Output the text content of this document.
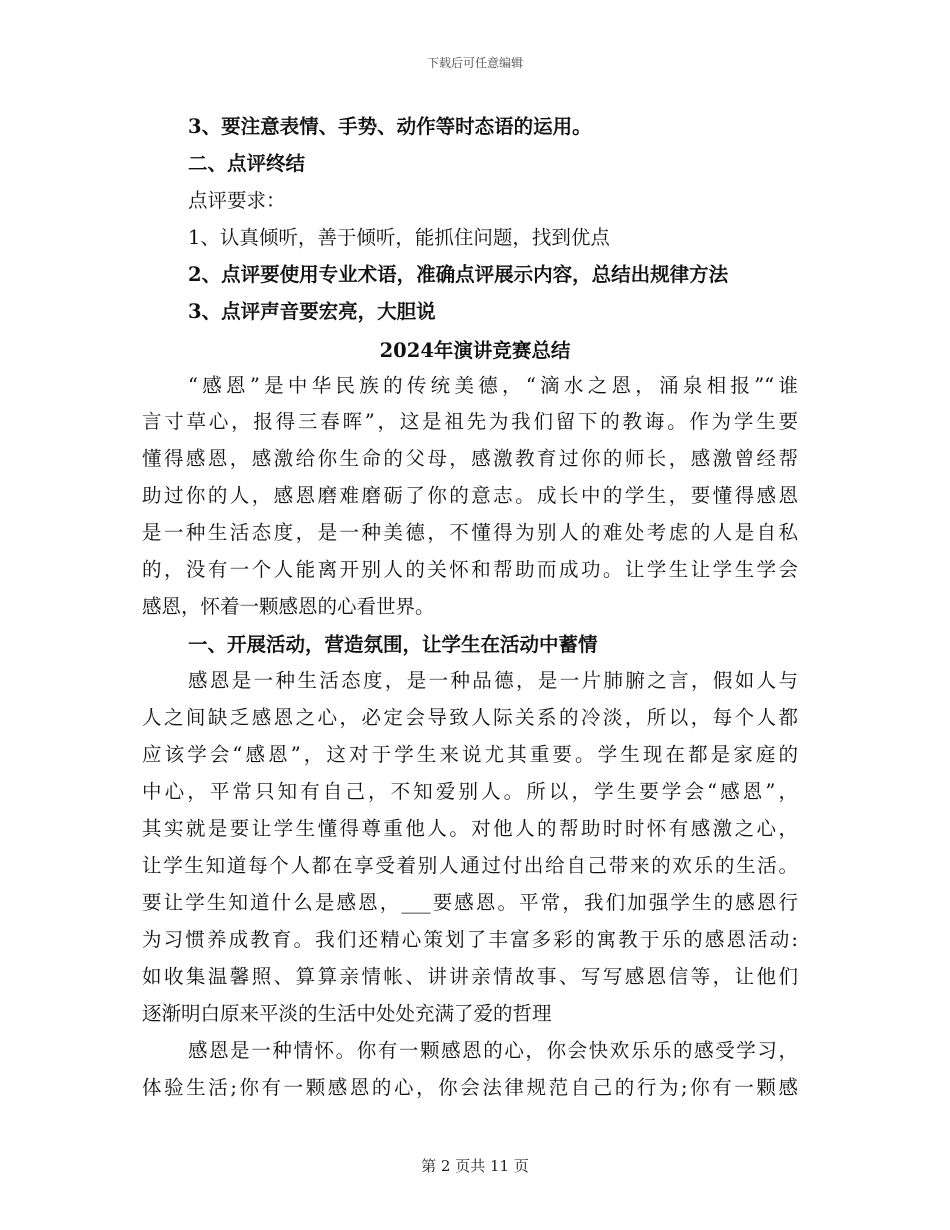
下载后可任意编辑
3、要注意表情、手势、动作等时态语的运用。
二、点评终结
点评要求：
1、认真倾听，善于倾听，能抓住问题，找到优点
2、点评要使用专业术语，准确点评展示内容，总结出规律方法
3、点评声音要宏亮，大胆说
2024年演讲竞赛总结
“感恩”是中华民族的传统美德，“滴水之恩，涌泉相报”“谁
言寸草心，报得三春晖”，这是祖先为我们留下的教诲。作为学生要
懂得感恩，感激给你生命的父母，感激教育过你的师长，感激曾经帮
助过你的人，感恩磨难磨砺了你的意志。成长中的学生，要懂得感恩
是一种生活态度，是一种美德，不懂得为别人的难处考虑的人是自私
的，没有一个人能离开别人的关怀和帮助而成功。让学生让学生学会
感恩，怀着一颗感恩的心看世界。
一、开展活动，营造氛围，让学生在活动中蓄情
感恩是一种生活态度，是一种品德，是一片肺腑之言，假如人与
人之间缺乏感恩之心，必定会导致人际关系的冷淡，所以，每个人都
应该学会“感恩”，这对于学生来说尤其重要。学生现在都是家庭的
中心，平常只知有自己，不知爱别人。所以，学生要学会“感恩”，
其实就是要让学生懂得尊重他人。对他人的帮助时时怀有感激之心，
让学生知道每个人都在享受着别人通过付出给自己带来的欢乐的生活。
要让学生知道什么是感恩，___要感恩。平常，我们加强学生的感恩行
为习惯养成教育。我们还精心策划了丰富多彩的寓教于乐的感恩活动:
如收集温馨照、算算亲情帐、讲讲亲情故事、写写感恩信等，让他们
逐渐明白原来平淡的生活中处处充满了爱的哲理
感恩是一种情怀。你有一颗感恩的心，你会快欢乐乐的感受学习，
体验生活;你有一颗感恩的心，你会法律规范自己的行为;你有一颗感
第 2 页共 11 页
